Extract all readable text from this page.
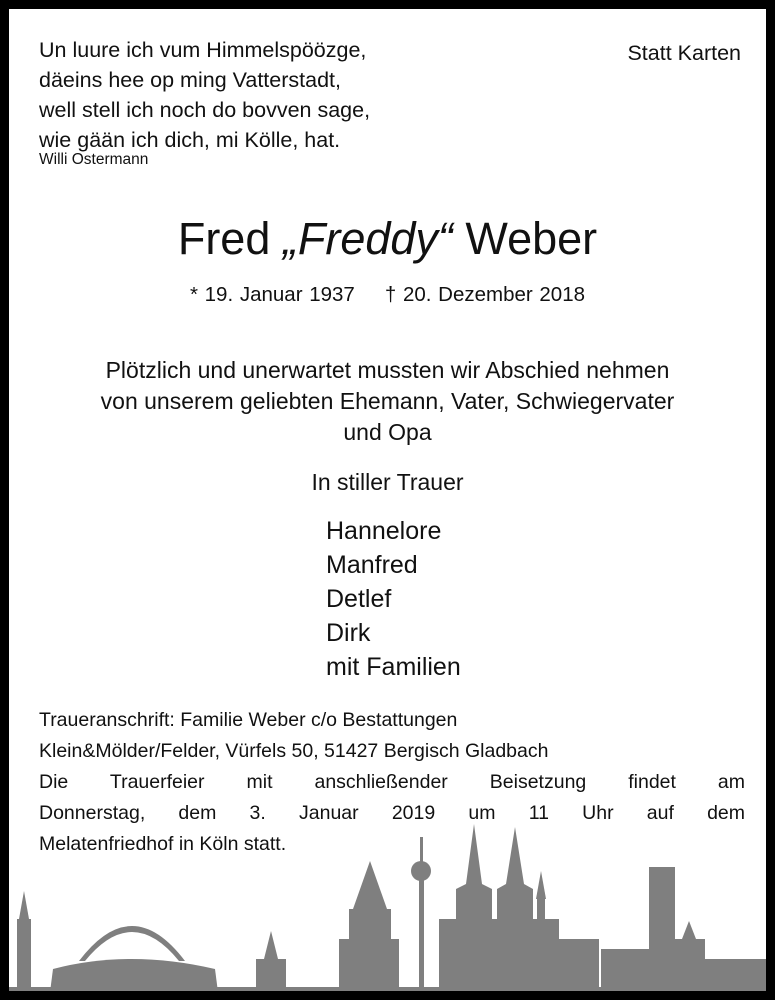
Un luure ich vum Himmelspöözge,
däeins hee op ming Vatterstadt,
well stell ich noch do bovven sage,
wie gään ich dich, mi Kölle, hat.
Willi Ostermann
Statt Karten
Fred „Freddy“ Weber
* 19. Januar 1937 † 20. Dezember 2018
Plötzlich und unerwartet mussten wir Abschied nehmen
von unserem geliebten Ehemann, Vater, Schwiegervater
und Opa
In stiller Trauer
Hannelore
Manfred
Detlef
Dirk
mit Familien
Traueranschrift: Familie Weber c/o Bestattungen
Klein&Mölder/Felder, Vürfels 50, 51427 Bergisch Gladbach
Die Trauerfeier mit anschließender Beisetzung findet am
Donnerstag, dem 3. Januar 2019 um 11 Uhr auf dem
Melatenfriedhof in Köln statt.
